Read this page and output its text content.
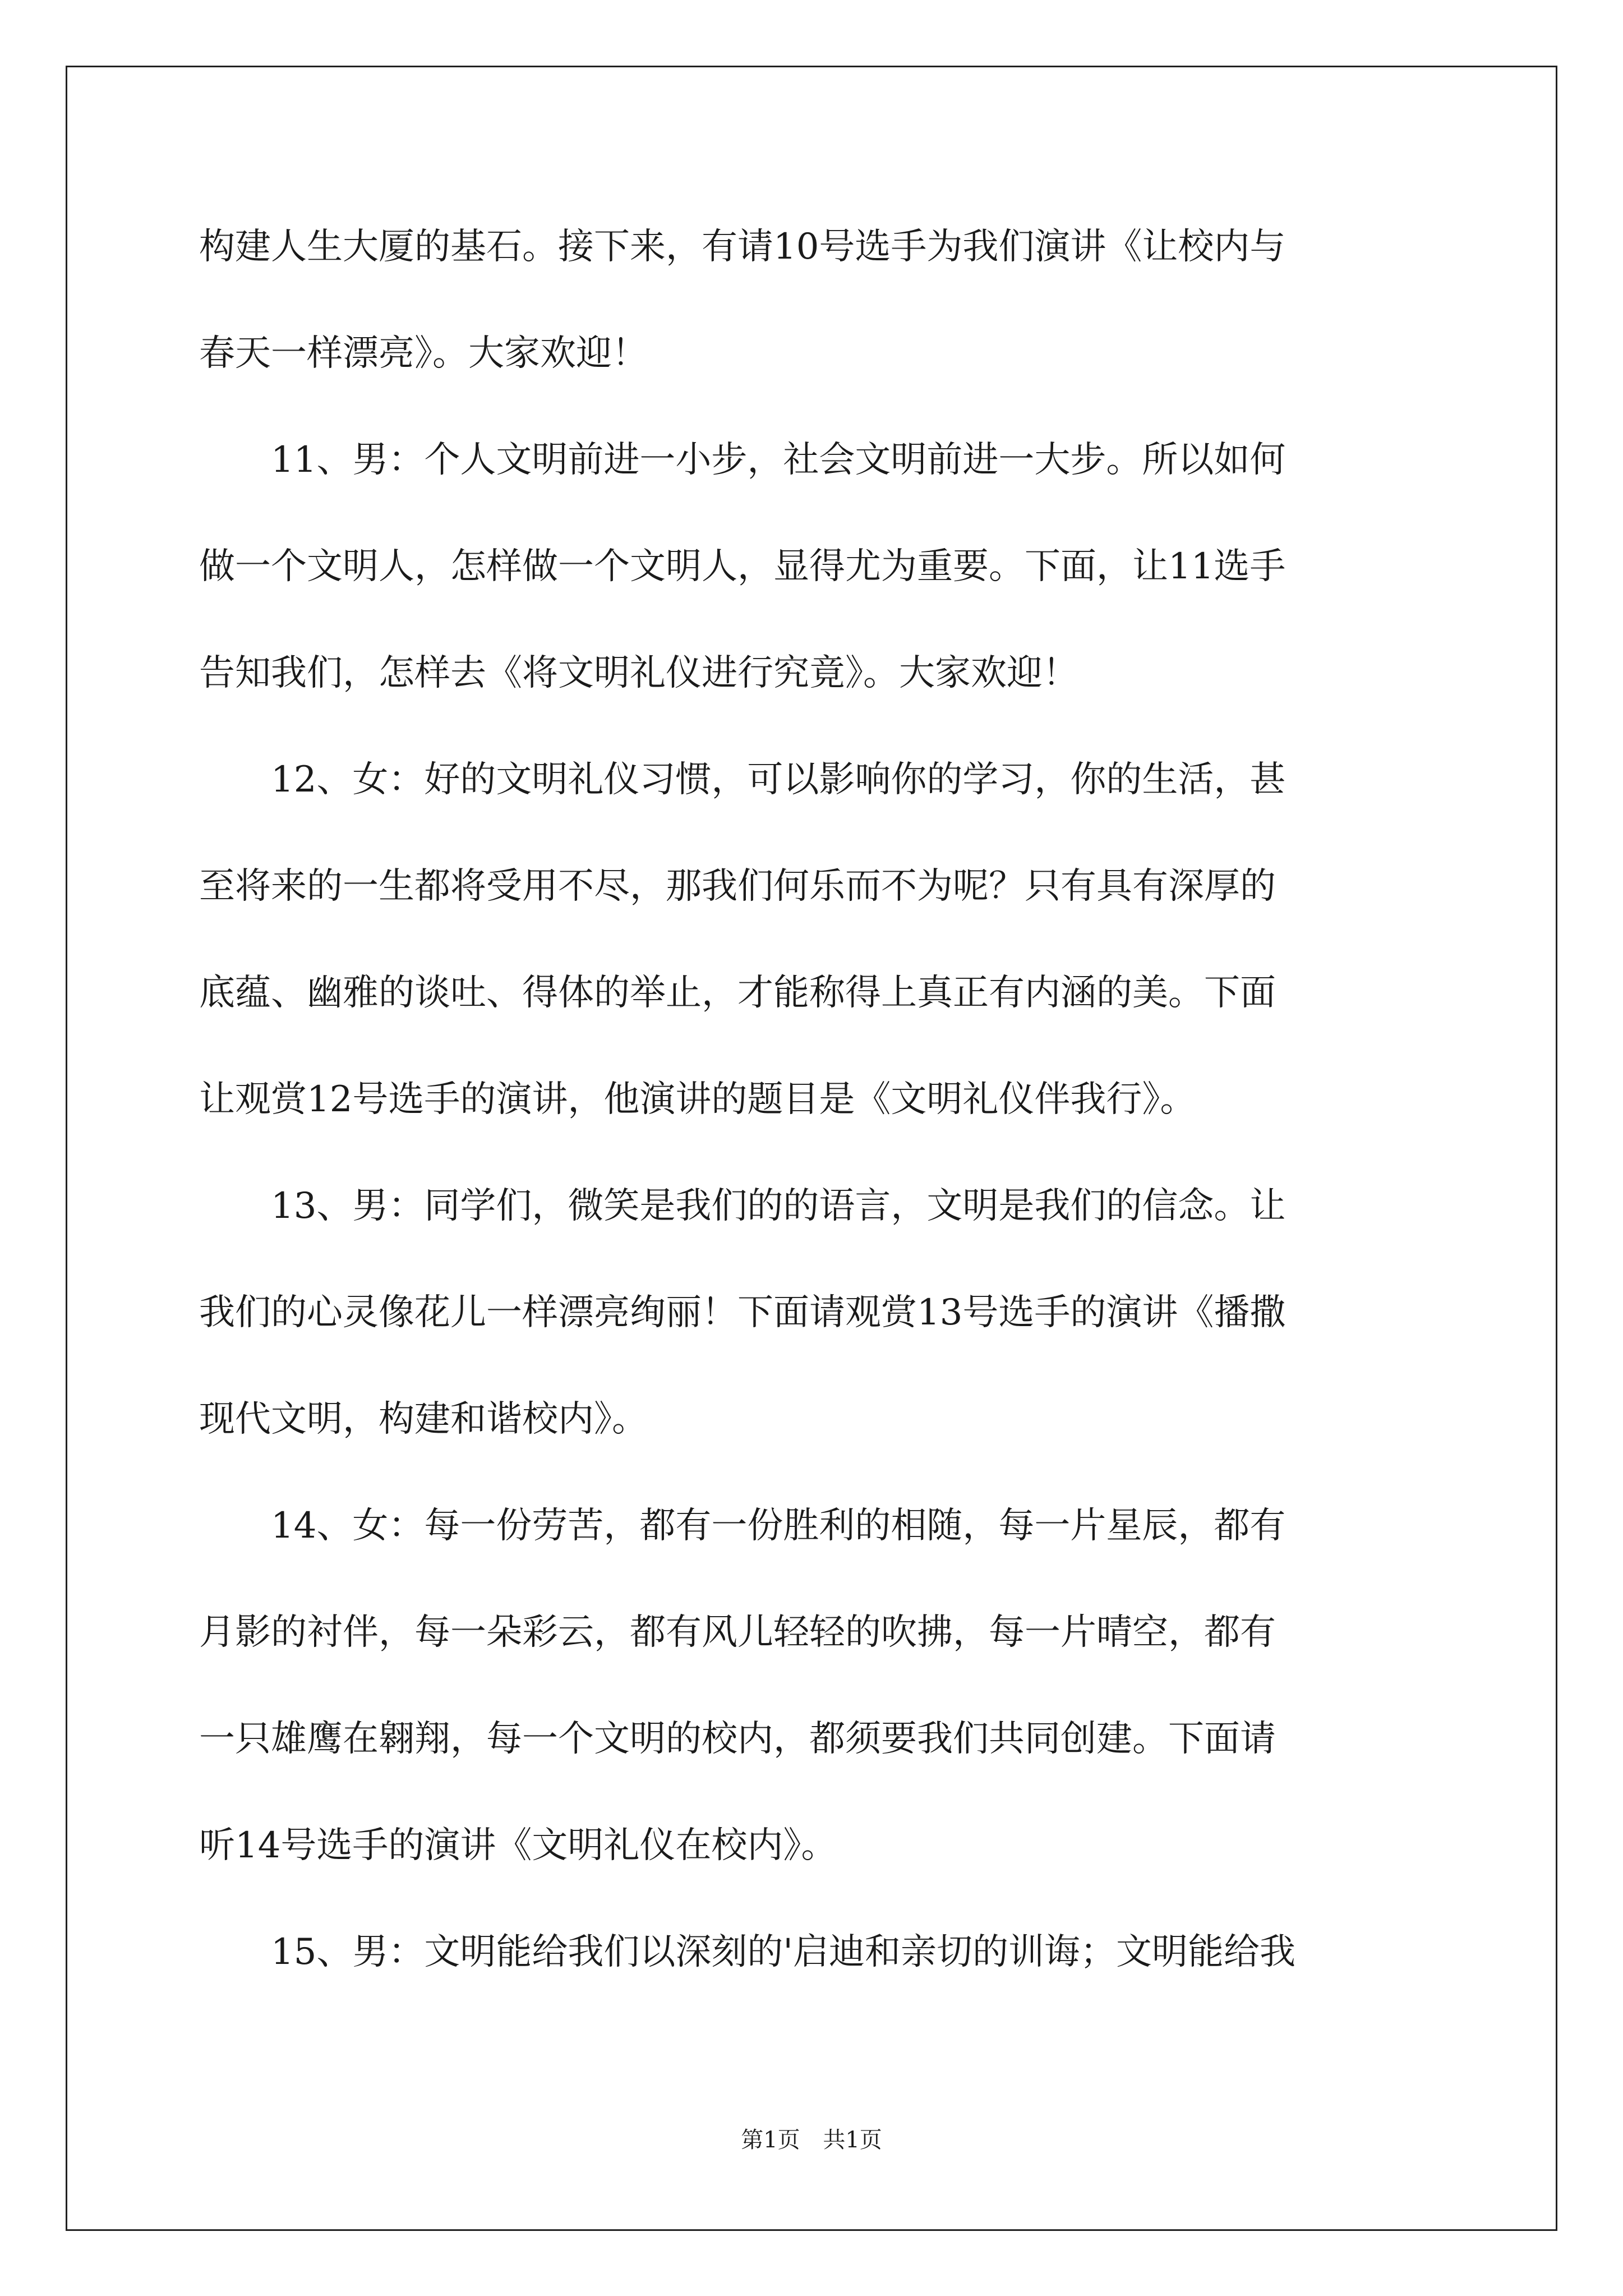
构建人生大厦的基石。接下来，有请10号选手为我们演讲《让校内与
春天一样漂亮》。大家欢迎！
11、男：个人文明前进一小步，社会文明前进一大步。所以如何
做一个文明人，怎样做一个文明人，显得尤为重要。下面，让11选手
告知我们，怎样去《将文明礼仪进行究竟》。大家欢迎！
12、女：好的文明礼仪习惯，可以影响你的学习，你的生活，甚
至将来的一生都将受用不尽，那我们何乐而不为呢？只有具有深厚的
底蕴、幽雅的谈吐、得体的举止，才能称得上真正有内涵的美。下面
让观赏12号选手的演讲，他演讲的题目是《文明礼仪伴我行》。
13、男：同学们，微笑是我们的的语言，文明是我们的信念。让
我们的心灵像花儿一样漂亮绚丽！下面请观赏13号选手的演讲《播撒
现代文明，构建和谐校内》。
14、女：每一份劳苦，都有一份胜利的相随，每一片星辰，都有
月影的衬伴，每一朵彩云，都有风儿轻轻的吹拂，每一片晴空，都有
一只雄鹰在翱翔，每一个文明的校内，都须要我们共同创建。下面请
听14号选手的演讲《文明礼仪在校内》。
15、男：文明能给我们以深刻的'启迪和亲切的训诲；文明能给我
第1页 共1页
